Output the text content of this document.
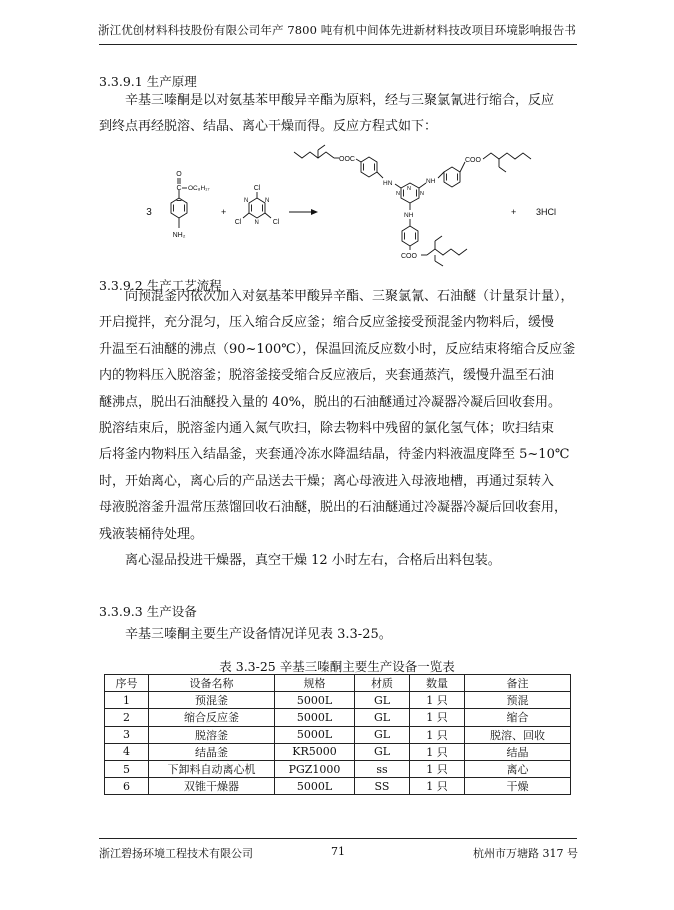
浙江优创材料科技股份有限公司年产 7800 吨有机中间体先进新材料技改项目环境影响报告书
3.3.9.1 生产原理

辛基三嗪酮是以对氨基苯甲酸异辛酯为原料，经与三聚氯氰进行缩合，反应

到终点再经脱溶、结晶、离心干燥而得。反应方程式如下：
3
C
O
OC₈H₁₇
NH₂
+
N	N
N
Cl
Cl	Cl
OOC
HN
N	N
N
NH
COO
NH
COO
+ 3HCl
3.3.9.2 生产工艺流程

向预混釜内依次加入对氨基苯甲酸异辛酯、三聚氯氰、石油醚（计量泵计量），

开启搅拌，充分混匀，压入缩合反应釜；缩合反应釜接受预混釜内物料后，缓慢
升温至石油醚的沸点（90~100℃），保温回流反应数小时，反应结束将缩合反应釜
内的物料压入脱溶釜；脱溶釜接受缩合反应液后，夹套通蒸汽，缓慢升温至石油
醚沸点，脱出石油醚投入量的 40%，脱出的石油醚通过冷凝器冷凝后回收套用。
脱溶结束后，脱溶釜内通入氮气吹扫，除去物料中残留的氯化氢气体；吹扫结束
后将釜内物料压入结晶釜，夹套通冷冻水降温结晶，待釜内料液温度降至 5~10℃
时，开始离心，离心后的产品送去干燥；离心母液进入母液地槽，再通过泵转入
母液脱溶釜升温常压蒸馏回收石油醚，脱出的石油醚通过冷凝器冷凝后回收套用，
残液装桶待处理。

离心湿品投进干燥器，真空干燥 12 小时左右，合格后出料包装。

3.3.9.3 生产设备

辛基三嗪酮主要生产设备情况详见表 3.3-25。

表 3.3-25 辛基三嗪酮主要生产设备一览表
序号	设备名称	规格	材质	数量	备注
1	预混釜	5000L	GL	1 只	预混
2	缩合反应釜	5000L	GL	1 只	缩合
3	脱溶釜	5000L	GL	1 只	脱溶、回收
4	结晶釜	KR5000	GL	1 只	结晶
5	下卸料自动离心机	PGZ1000	ss	1 只	离心
6	双锥干燥器	5000L	SS	1 只	干燥
浙江碧扬环境工程技术有限公司	71	杭州市万塘路 317 号
